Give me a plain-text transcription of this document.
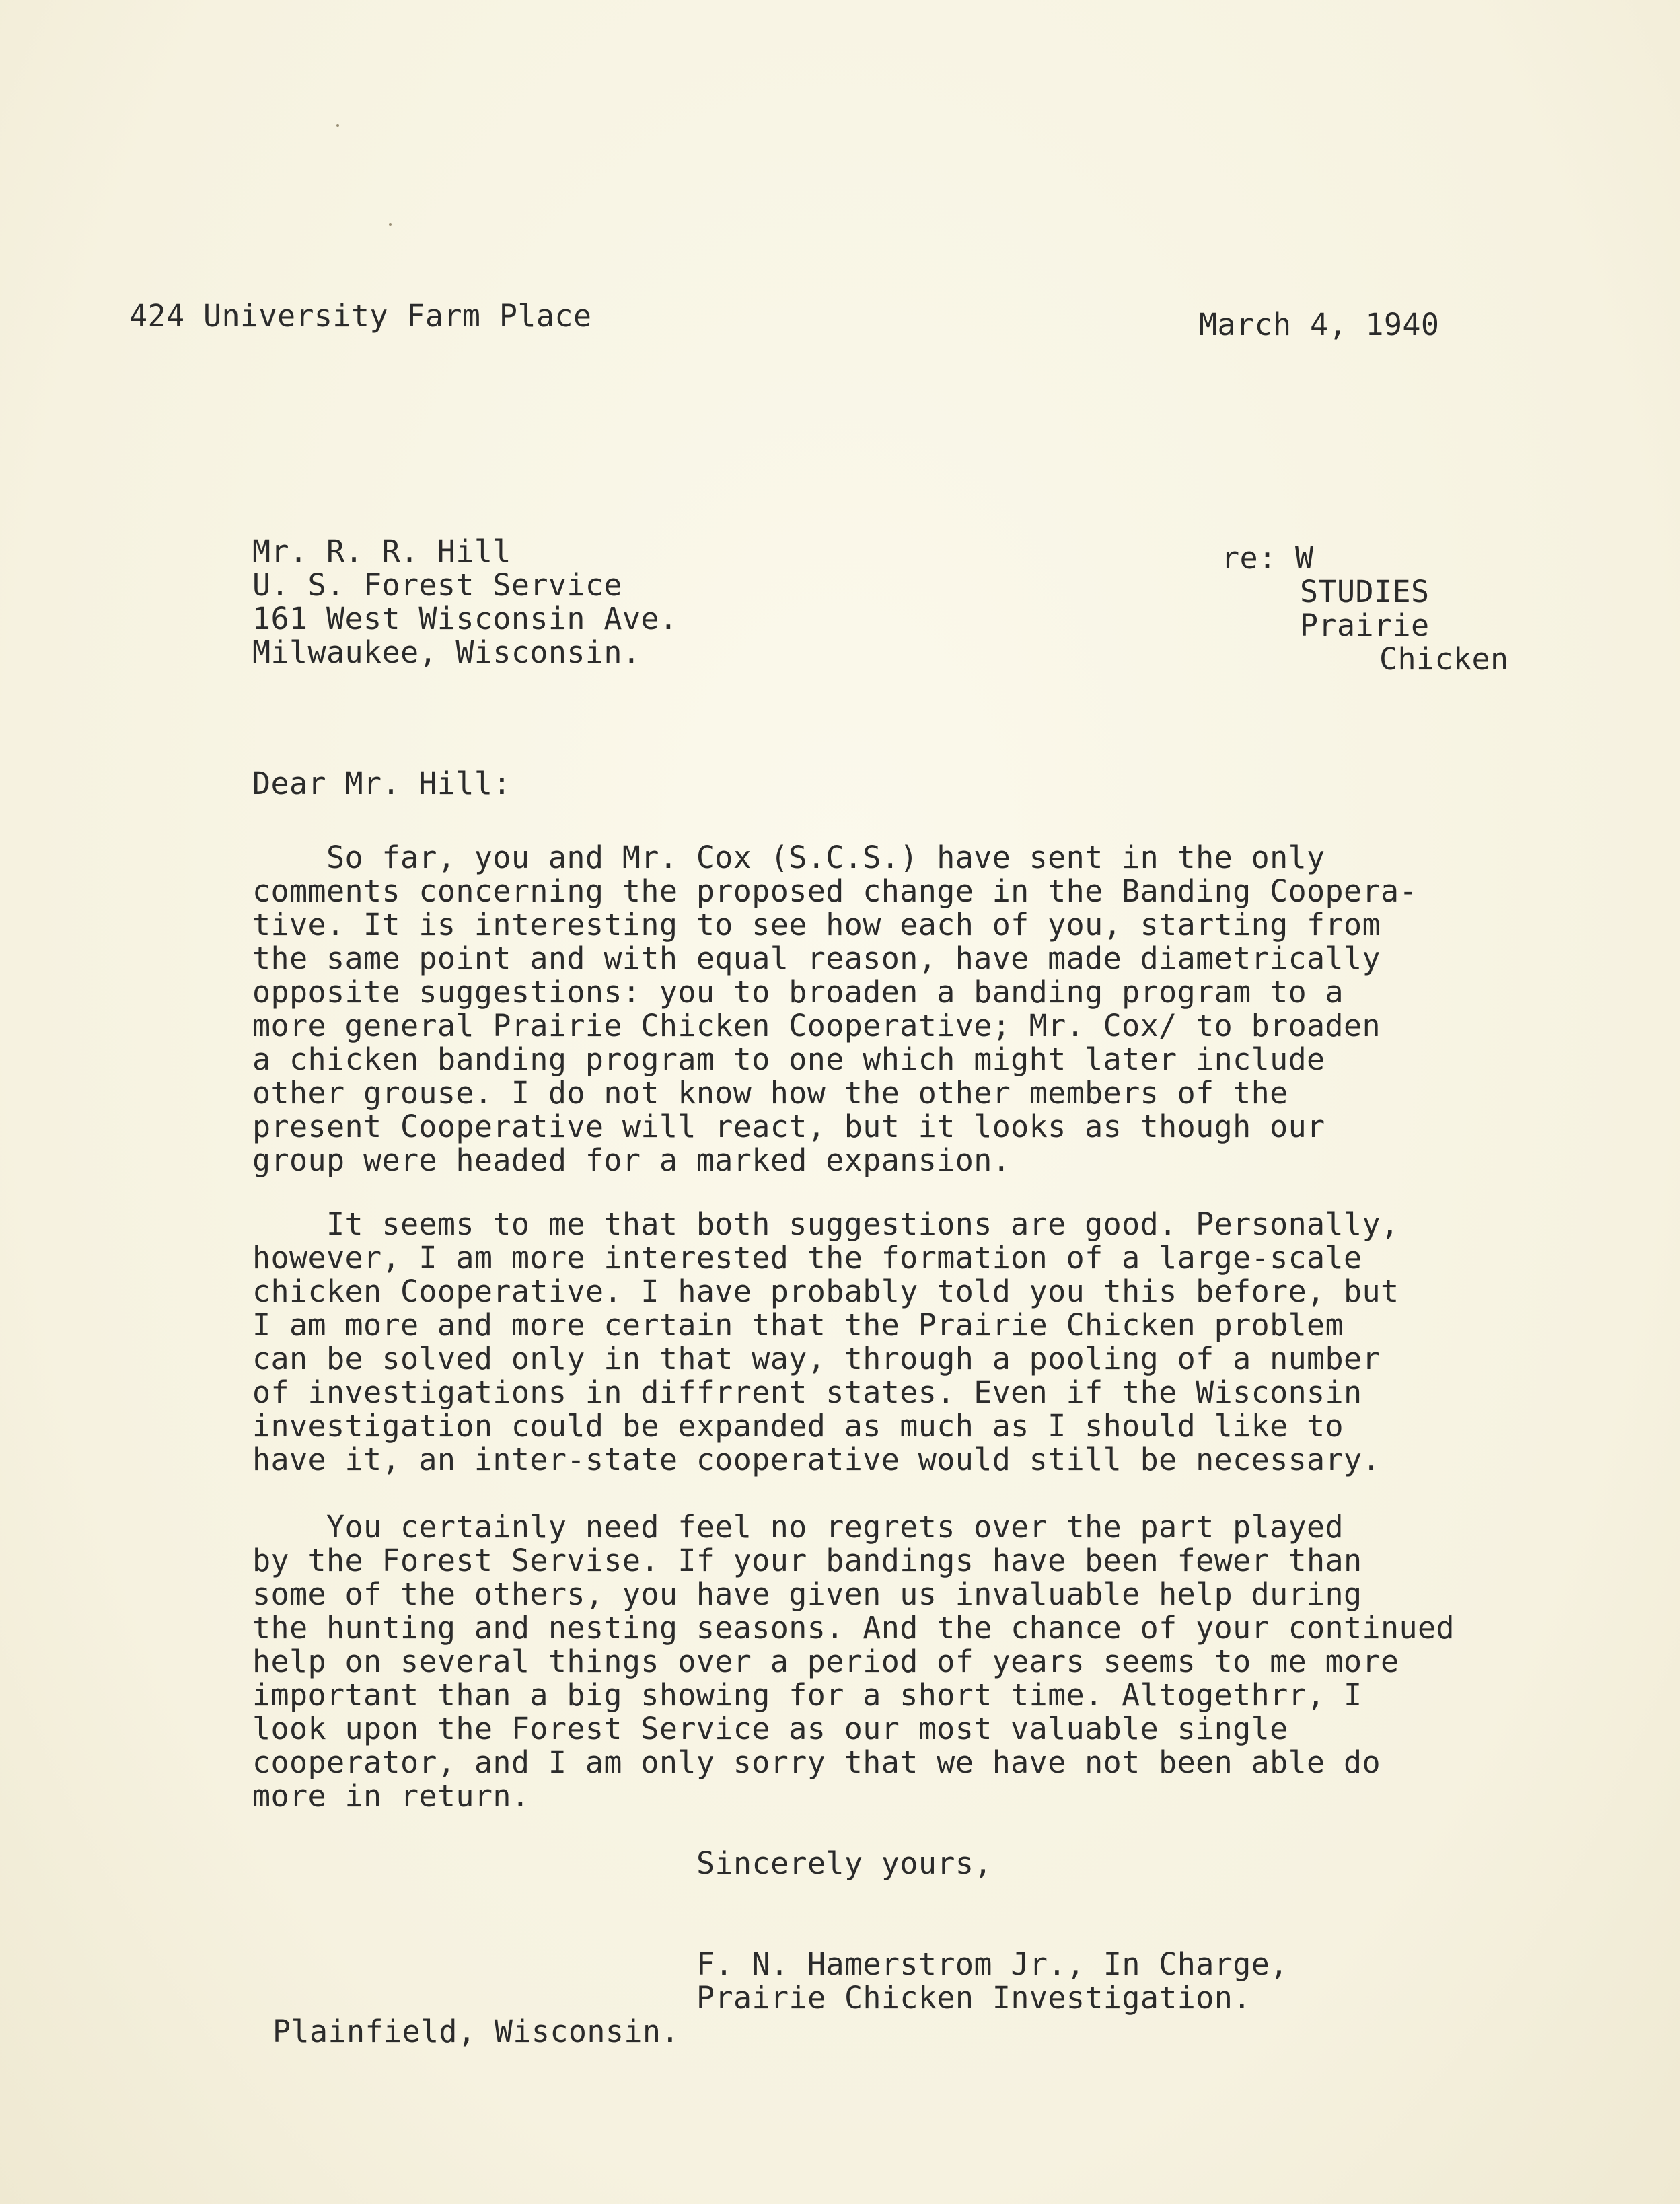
424 University Farm Place	March 4, 1940
Mr. R. R. Hill
U. S. Forest Service
161 West Wisconsin Ave.
Milwaukee, Wisconsin.
re: W
STUDIES
Prairie
Chicken
Dear Mr. Hill:
So far, you and Mr. Cox (S.C.S.) have sent in the only
comments concerning the proposed change in the Banding Coopera-
tive. It is interesting to see how each of you, starting from
the same point and with equal reason, have made diametrically
opposite suggestions: you to broaden a banding program to a
more general Prairie Chicken Cooperative; Mr. Cox/ to broaden
a chicken banding program to one which might later include
other grouse. I do not know how the other members of the
present Cooperative will react, but it looks as though our
group were headed for a marked expansion.
It seems to me that both suggestions are good. Personally,
however, I am more interested the formation of a large-scale
chicken Cooperative. I have probably told you this before, but
I am more and more certain that the Prairie Chicken problem
can be solved only in that way, through a pooling of a number
of investigations in diffrrent states. Even if the Wisconsin
investigation could be expanded as much as I should like to
have it, an inter-state cooperative would still be necessary.
You certainly need feel no regrets over the part played
by the Forest Servise. If your bandings have been fewer than
some of the others, you have given us invaluable help during
the hunting and nesting seasons. And the chance of your continued
help on several things over a period of years seems to me more
important than a big showing for a short time. Altogethrr, I
look upon the Forest Service as our most valuable single
cooperator, and I am only sorry that we have not been able do
more in return.
Sincerely yours,
F. N. Hamerstrom Jr., In Charge,
Prairie Chicken Investigation.
Plainfield, Wisconsin.
